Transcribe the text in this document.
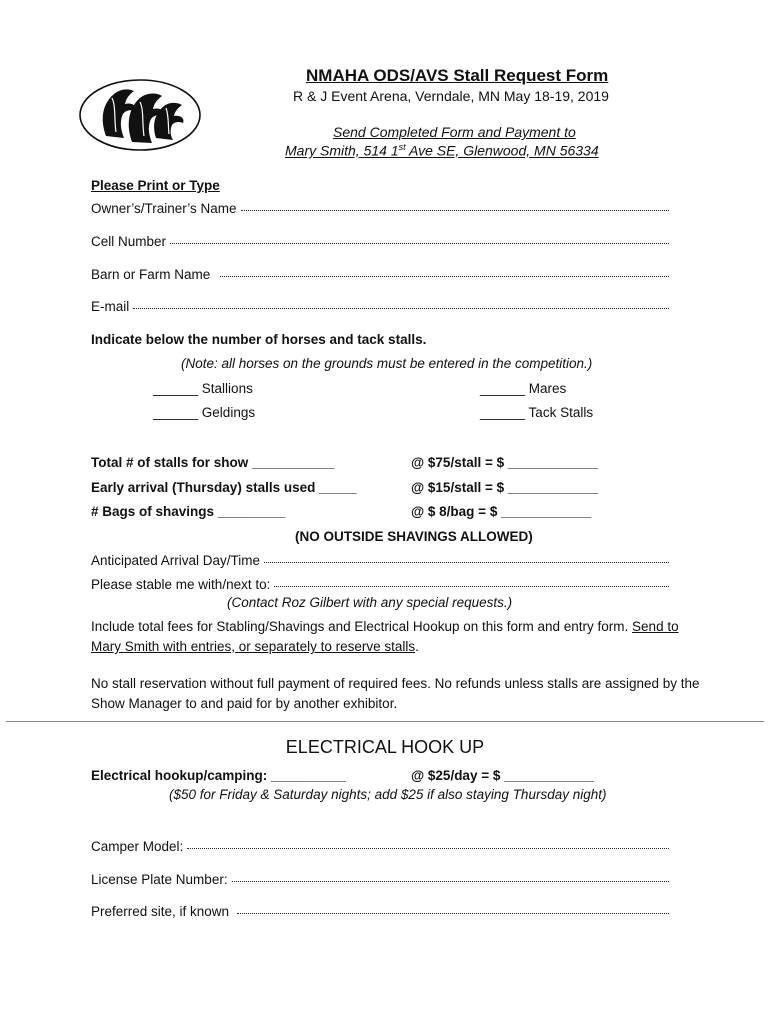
NMAHA ODS/AVS Stall Request Form
R & J Event Arena, Verndale, MN May 18-19, 2019
Send Completed Form and Payment to
Mary Smith, 514 1st Ave SE, Glenwood, MN 56334
Please Print or Type
Owner’s/Trainer’s Name
Cell Number
Barn or Farm Name
E-mail
Indicate below the number of horses and tack stalls.
(Note: all horses on the grounds must be entered in the competition.)
______ Stallions	______ Mares
______ Geldings	______ Tack Stalls
Total # of stalls for show ___________	@ $75/stall = $ ____________
Early arrival (Thursday) stalls used _____	@ $15/stall = $ ____________
# Bags of shavings _________	@ $ 8/bag = $ ____________
(NO OUTSIDE SHAVINGS ALLOWED)
Anticipated Arrival Day/Time
Please stable me with/next to:
(Contact Roz Gilbert with any special requests.)
Include total fees for Stabling/Shavings and Electrical Hookup on this form and entry form. Send to Mary Smith with entries, or separately to reserve stalls.
No stall reservation without full payment of required fees. No refunds unless stalls are assigned by the Show Manager to and paid for by another exhibitor.
ELECTRICAL HOOK UP
Electrical hookup/camping: __________	@ $25/day = $ ____________
($50 for Friday & Saturday nights; add $25 if also staying Thursday night)
Camper Model:
License Plate Number:
Preferred site, if known
